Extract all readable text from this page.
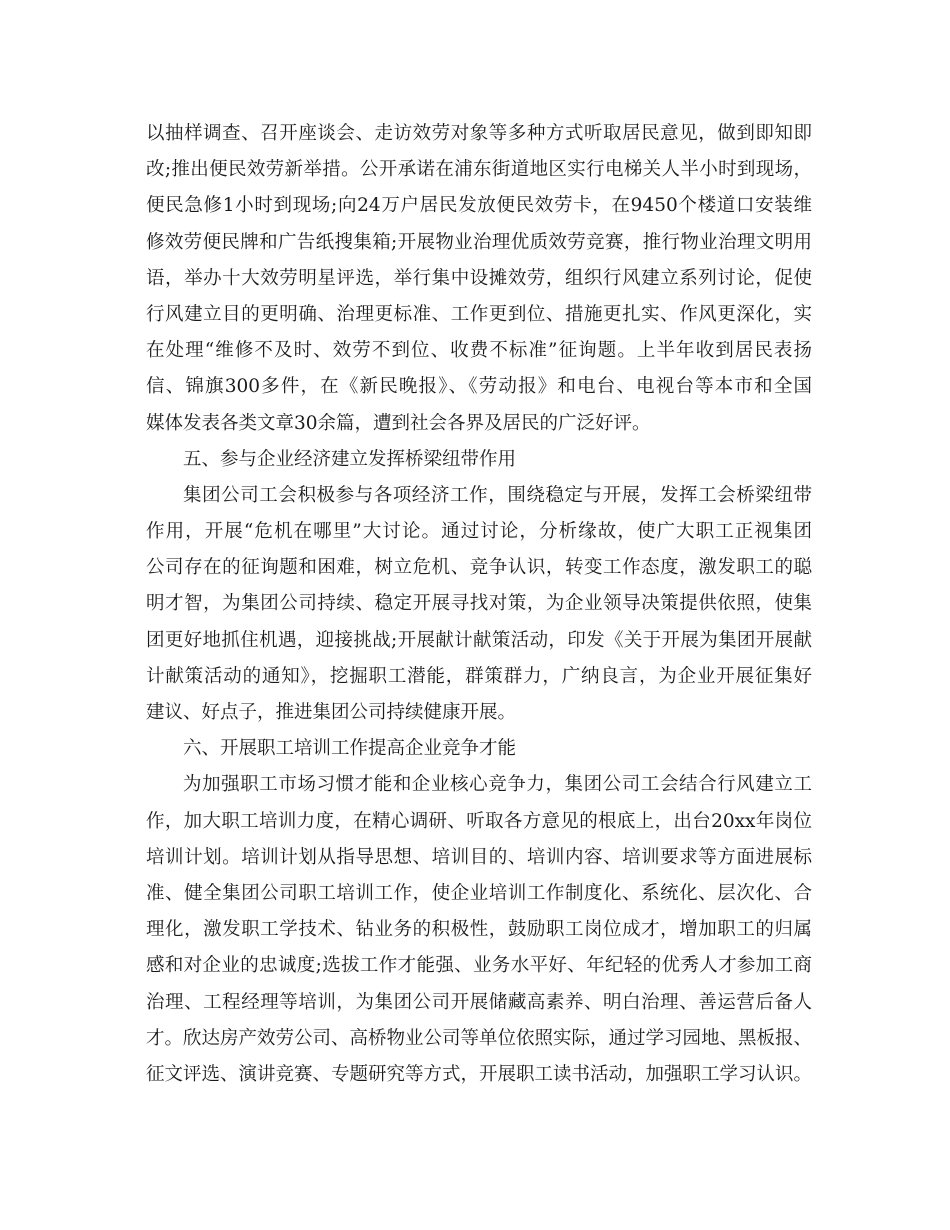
以抽样调查、召开座谈会、走访效劳对象等多种方式听取居民意见，做到即知即
改;推出便民效劳新举措。公开承诺在浦东街道地区实行电梯关人半小时到现场，
便民急修1小时到现场;向24万户居民发放便民效劳卡，在9450个楼道口安装维
修效劳便民牌和广告纸搜集箱;开展物业治理优质效劳竞赛，推行物业治理文明用
语，举办十大效劳明星评选，举行集中设摊效劳，组织行风建立系列讨论，促使
行风建立目的更明确、治理更标准、工作更到位、措施更扎实、作风更深化，实
在处理“维修不及时、效劳不到位、收费不标准”征询题。上半年收到居民表扬
信、锦旗300多件，在《新民晚报》、《劳动报》和电台、电视台等本市和全国
媒体发表各类文章30余篇，遭到社会各界及居民的广泛好评。
五、参与企业经济建立发挥桥梁纽带作用
集团公司工会积极参与各项经济工作，围绕稳定与开展，发挥工会桥梁纽带
作用，开展“危机在哪里”大讨论。通过讨论，分析缘故，使广大职工正视集团
公司存在的征询题和困难，树立危机、竞争认识，转变工作态度，激发职工的聪
明才智，为集团公司持续、稳定开展寻找对策，为企业领导决策提供依照，使集
团更好地抓住机遇，迎接挑战;开展献计献策活动，印发《关于开展为集团开展献
计献策活动的通知》，挖掘职工潜能，群策群力，广纳良言，为企业开展征集好
建议、好点子，推进集团公司持续健康开展。
六、开展职工培训工作提高企业竞争才能
为加强职工市场习惯才能和企业核心竞争力，集团公司工会结合行风建立工
作，加大职工培训力度，在精心调研、听取各方意见的根底上，出台20xx年岗位
培训计划。培训计划从指导思想、培训目的、培训内容、培训要求等方面进展标
准、健全集团公司职工培训工作，使企业培训工作制度化、系统化、层次化、合
理化，激发职工学技术、钻业务的积极性，鼓励职工岗位成才，增加职工的归属
感和对企业的忠诚度;选拔工作才能强、业务水平好、年纪轻的优秀人才参加工商
治理、工程经理等培训，为集团公司开展储藏高素养、明白治理、善运营后备人
才。欣达房产效劳公司、高桥物业公司等单位依照实际，通过学习园地、黑板报、
征文评选、演讲竞赛、专题研究等方式，开展职工读书活动，加强职工学习认识。
